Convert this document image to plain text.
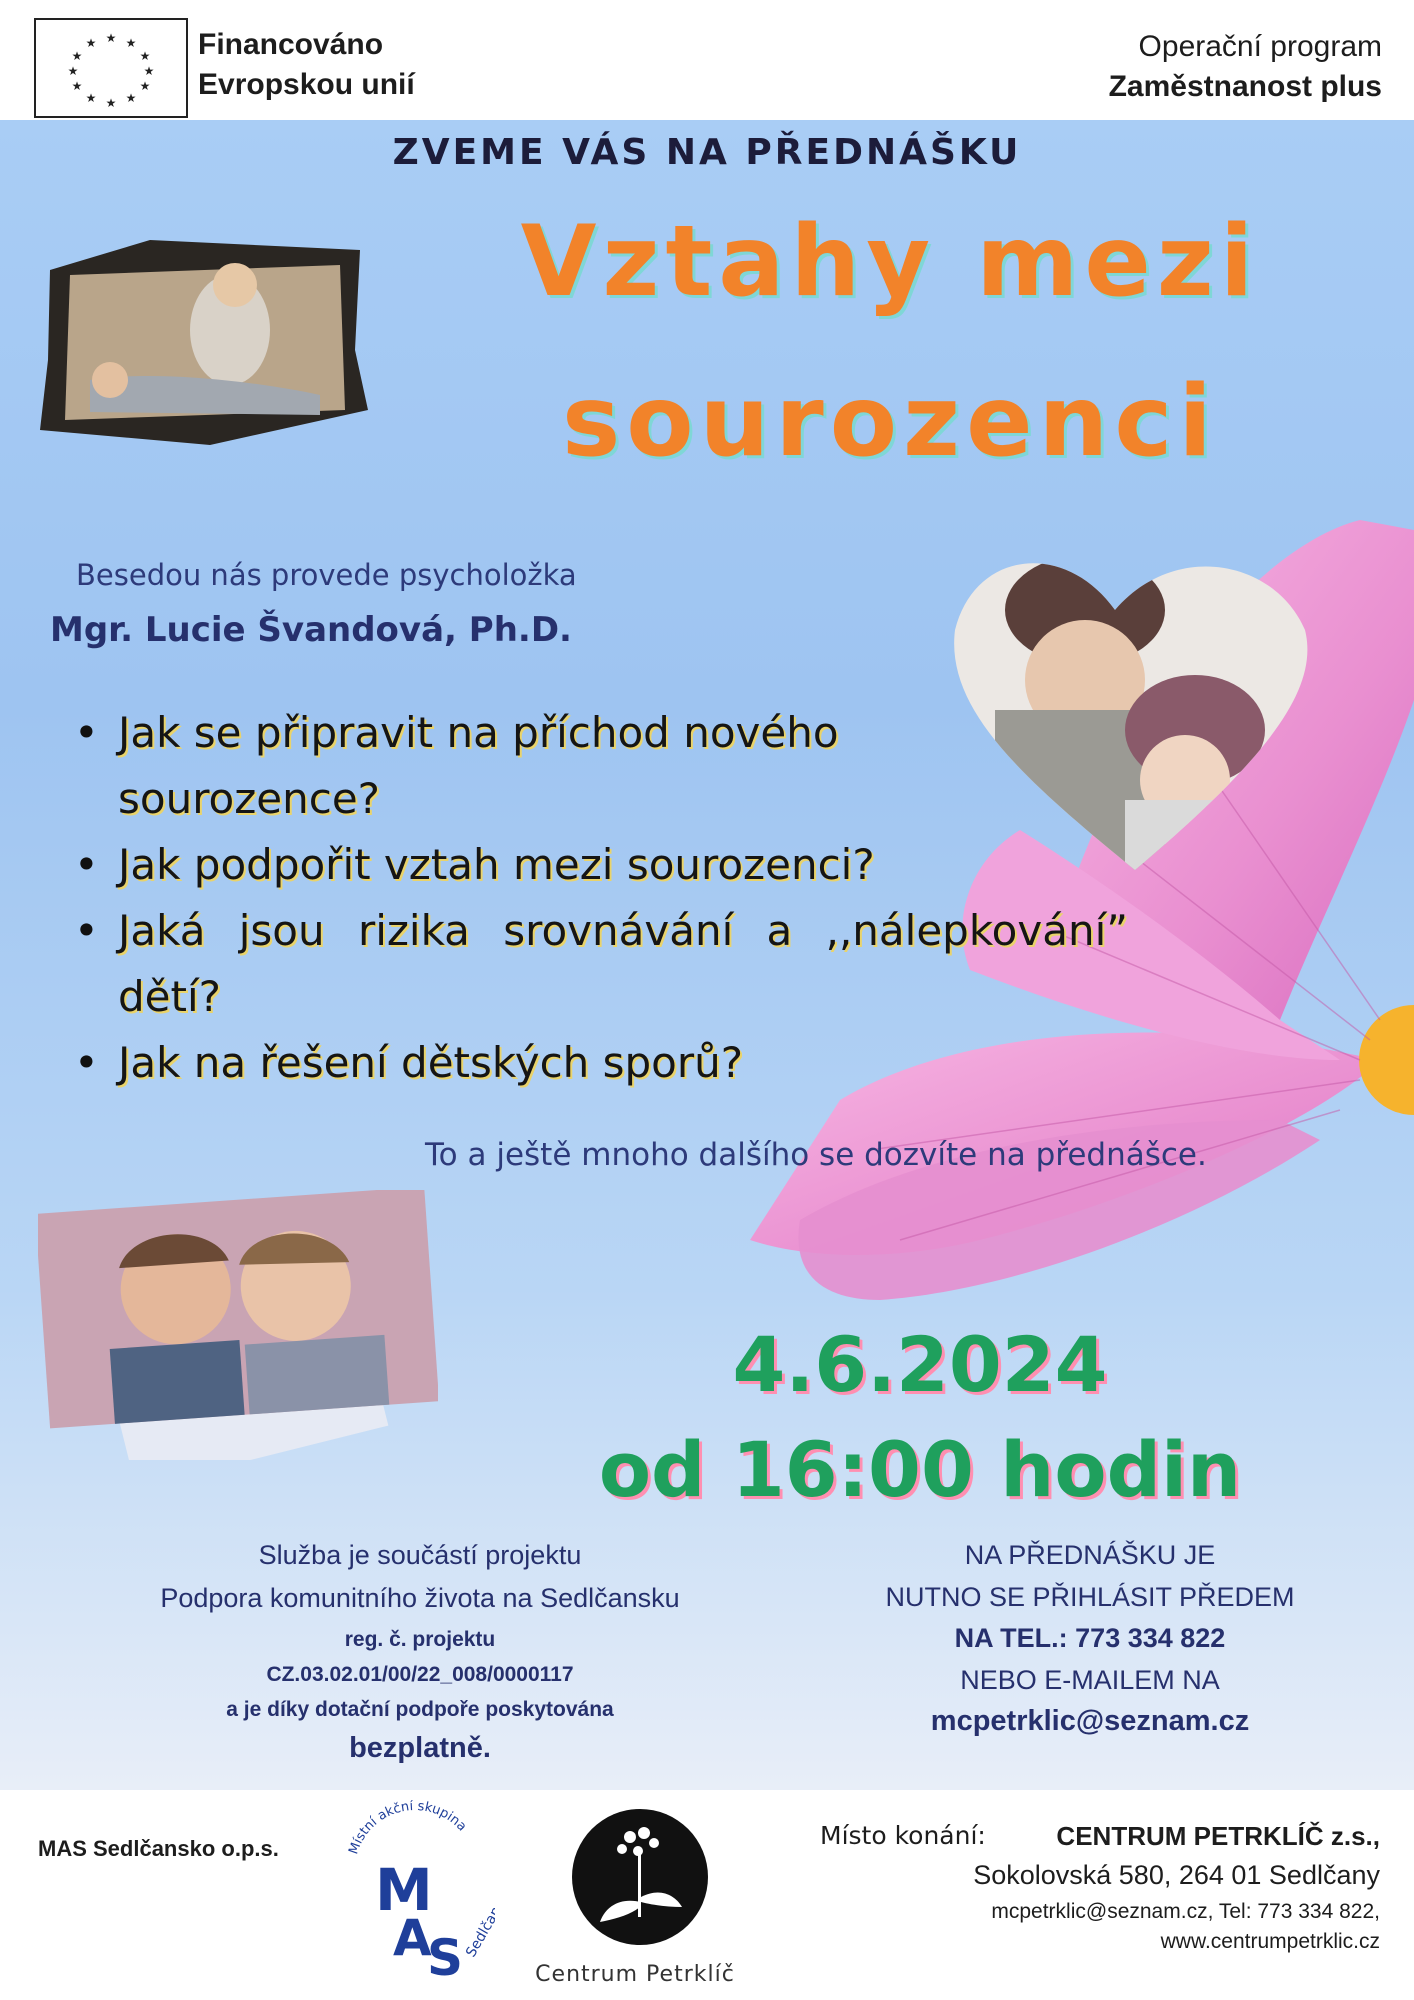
★ ★
★
★
★
★
★
★
★
★
★
★	Financováno
Evropskou unií
Operační program
Zaměstnanost plus
ZVEME VÁS NA PŘEDNÁŠKU
Vztahy mezi
sourozenci
Besedou nás provede psycholožka
Mgr. Lucie Švandová, Ph.D.
• Jak se připravit na příchod nového sourozence?
• Jak podpořit vztah mezi sourozenci?
• Jaká jsou rizika srovnávání a ,,nálepkování” dětí?
• Jak na řešení dětských sporů?
To a ještě mnoho dalšího se dozvíte na přednášce.
4.6.2024
od 16:00 hodin
Služba je součástí projektu
Podpora komunitního života na Sedlčansku
reg. č. projektu
CZ.03.02.01/00/22_008/0000117
a je díky dotační podpoře poskytována
bezplatně.
NA PŘEDNÁŠKU JE
NUTNO SE PŘIHLÁSIT PŘEDEM
NA TEL.: 773 334 822
NEBO E-MAILEM NA
mcpetrklic@seznam.cz
MAS Sedlčansko o.p.s.	Místní akční skupina
M
A
S Sedlčansko
Centrum Petrklíč
Místo konání:	CENTRUM PETRKLÍČ z.s.,
Sokolovská 580, 264 01 Sedlčany
mcpetrklic@seznam.cz, Tel: 773 334 822,
www.centrumpetrklic.cz
